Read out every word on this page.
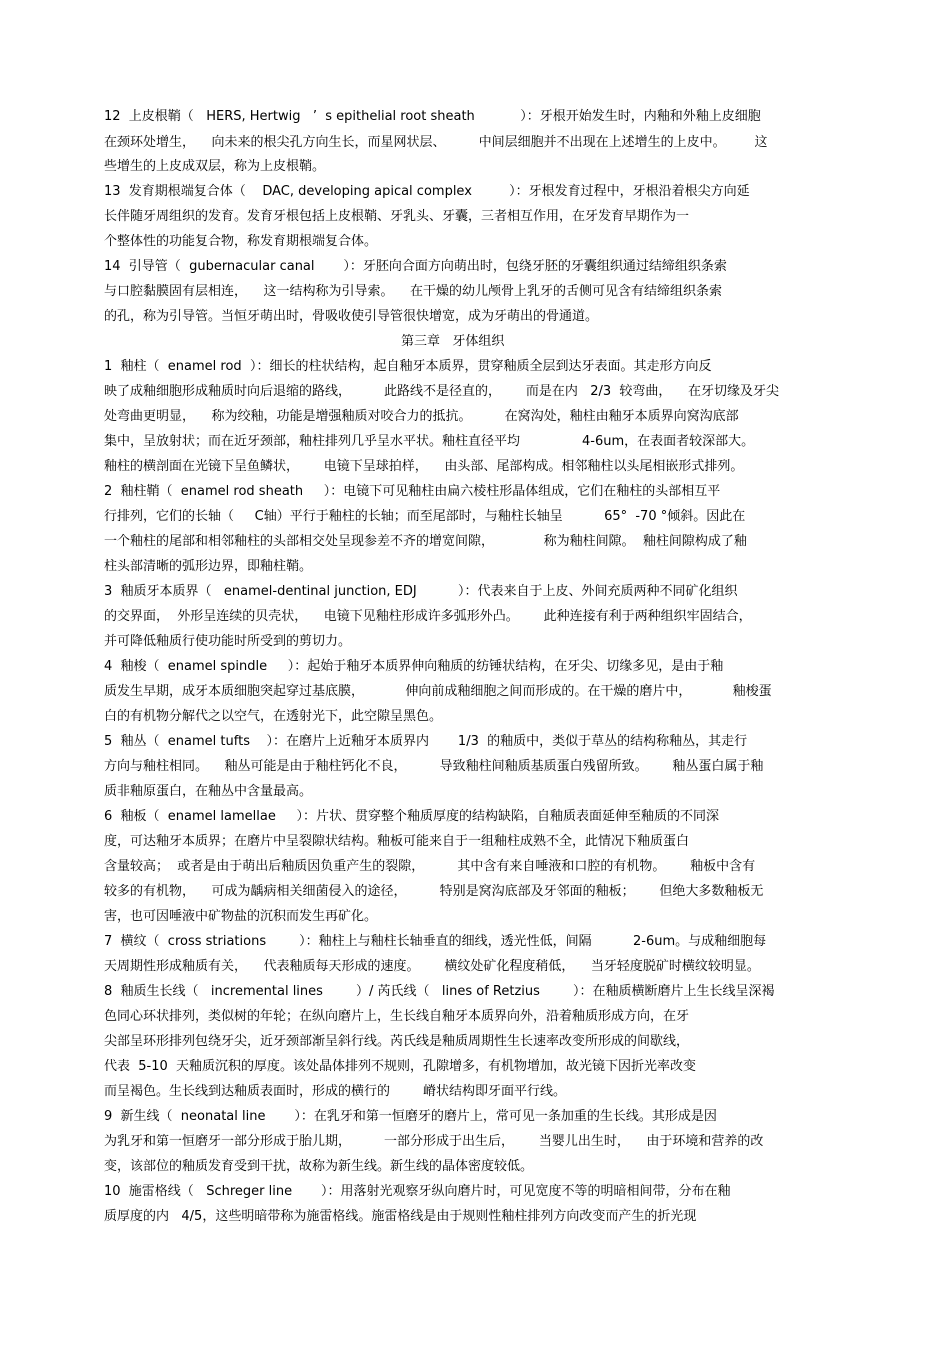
12  上皮根鞘（   HERS, Hertwig   ’  s epithelial root sheath           ）：牙根开始发生时，内釉和外釉上皮细胞
在颈环处增生，    向未来的根尖孔方向生长，而星网状层、        中间层细胞并不出现在上述增生的上皮中。       这
些增生的上皮成双层，称为上皮根鞘。
13  发育期根端复合体（    DAC, developing apical complex         ）：牙根发育过程中，牙根沿着根尖方向延
长伴随牙周组织的发育。发育牙根包括上皮根鞘、牙乳头、牙囊，三者相互作用，在牙发育早期作为一
个整体性的功能复合物，称发育期根端复合体。
14  引导管（  gubernacular canal       ）：牙胚向合面方向萌出时，包绕牙胚的牙囊组织通过结缔组织条索
与口腔黏膜固有层相连，    这一结构称为引导索。    在干燥的幼儿颅骨上乳牙的舌侧可见含有结缔组织条索
的孔，称为引导管。当恒牙萌出时，骨吸收使引导管很快增宽，成为牙萌出的骨通道。
第三章   牙体组织
1  釉柱（  enamel rod  ）：细长的柱状结构，起自釉牙本质界，贯穿釉质全层到达牙表面。其走形方向反
映了成釉细胞形成釉质时向后退缩的路线，        此路线不是径直的，      而是在内   2/3  较弯曲，    在牙切缘及牙尖
处弯曲更明显，    称为绞釉，功能是增强釉质对咬合力的抵抗。        在窝沟处，釉柱由釉牙本质界向窝沟底部
集中，呈放射状；而在近牙颈部，釉柱排列几乎呈水平状。釉柱直径平均               4-6um，在表面者较深部大。
釉柱的横剖面在光镜下呈鱼鳞状，      电镜下呈球拍样，    由头部、尾部构成。相邻釉柱以头尾相嵌形式排列。
2  釉柱鞘（  enamel rod sheath     ）：电镜下可见釉柱由扁六棱柱形晶体组成，它们在釉柱的头部相互平
行排列，它们的长轴（     C轴）平行于釉柱的长轴；而至尾部时，与釉柱长轴呈          65°  -70 °倾斜。因此在
一个釉柱的尾部和相邻釉柱的头部相交处呈现参差不齐的增宽间隙，            称为釉柱间隙。  釉柱间隙构成了釉
柱头部清晰的弧形边界，即釉柱鞘。
3  釉质牙本质界（   enamel-dentinal junction, EDJ          ）：代表来自于上皮、外间充质两种不同矿化组织
的交界面，  外形呈连续的贝壳状，    电镜下见釉柱形成许多弧形外凸。      此种连接有利于两种组织牢固结合，
并可降低釉质行使功能时所受到的剪切力。
4  釉梭（  enamel spindle     ）：起始于釉牙本质界伸向釉质的纺锤状结构，在牙尖、切缘多见，是由于釉
质发生早期，成牙本质细胞突起穿过基底膜，          伸向前成釉细胞之间而形成的。在干燥的磨片中，          釉梭蛋
白的有机物分解代之以空气，在透射光下，此空隙呈黑色。
5  釉丛（  enamel tufts    ）：在磨片上近釉牙本质界内       1/3  的釉质中，类似于草丛的结构称釉丛，其走行
方向与釉柱相同。    釉丛可能是由于釉柱钙化不良，        导致釉柱间釉质基质蛋白残留所致。      釉丛蛋白属于釉
质非釉原蛋白，在釉丛中含量最高。
6  釉板（  enamel lamellae     ）：片状、贯穿整个釉质厚度的结构缺陷，自釉质表面延伸至釉质的不同深
度，可达釉牙本质界；在磨片中呈裂隙状结构。釉板可能来自于一组釉柱成熟不全，此情况下釉质蛋白
含量较高；  或者是由于萌出后釉质因负重产生的裂隙，        其中含有来自唾液和口腔的有机物。      釉板中含有
较多的有机物，    可成为龋病相关细菌侵入的途径，        特别是窝沟底部及牙邻面的釉板；      但绝大多数釉板无
害，也可因唾液中矿物盐的沉积而发生再矿化。
7  横纹（  cross striations        ）：釉柱上与釉柱长轴垂直的细线，透光性低，间隔          2-6um。与成釉细胞每
天周期性形成釉质有关，    代表釉质每天形成的速度。      横纹处矿化程度稍低，    当牙轻度脱矿时横纹较明显。
8  釉质生长线（   incremental lines        ）/ 芮氏线（   lines of Retzius        ）：在釉质横断磨片上生长线呈深褐
色同心环状排列，类似树的年轮；在纵向磨片上，生长线自釉牙本质界向外，沿着釉质形成方向，在牙
尖部呈环形排列包绕牙尖，近牙颈部渐呈斜行线。芮氏线是釉质周期性生长速率改变所形成的间歇线，
代表  5-10  天釉质沉积的厚度。该处晶体排列不规则，孔隙增多，有机物增加，故光镜下因折光率改变
而呈褐色。生长线到达釉质表面时，形成的横行的        嵴状结构即牙面平行线。
9  新生线（  neonatal line       ）：在乳牙和第一恒磨牙的磨片上，常可见一条加重的生长线。其形成是因
为乳牙和第一恒磨牙一部分形成于胎儿期，        一部分形成于出生后，      当婴儿出生时，    由于环境和营养的改
变，该部位的釉质发育受到干扰，故称为新生线。新生线的晶体密度较低。
10  施雷格线（   Schreger line       ）：用落射光观察牙纵向磨片时，可见宽度不等的明暗相间带，分布在釉
质厚度的内   4/5，这些明暗带称为施雷格线。施雷格线是由于规则性釉柱排列方向改变而产生的折光现
